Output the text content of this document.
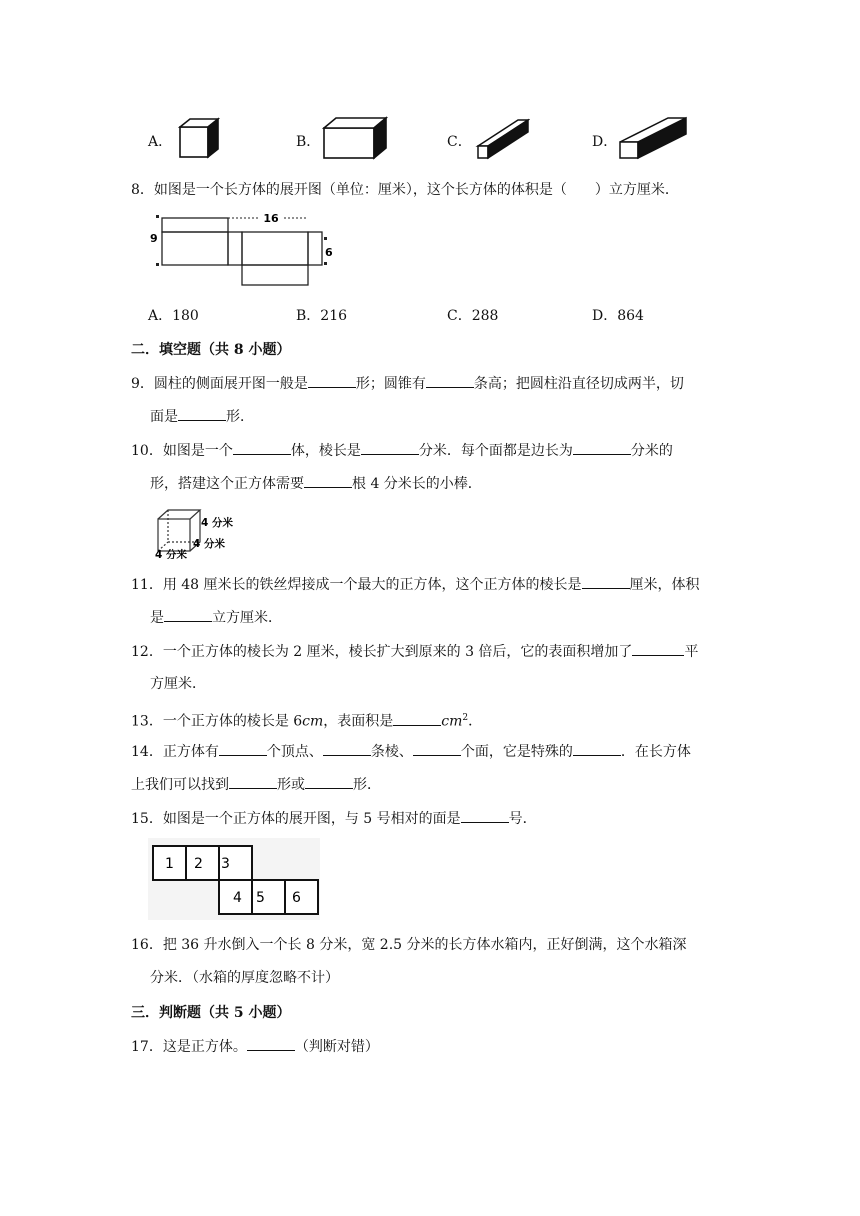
A．	B．	C．	D．
8．如图是一个长方体的展开图（单位：厘米），这个长方体的体积是（　　）立方厘米．
16
9
6
A．180	B．216	C．288	D．864
二．填空题（共 8 小题）
9．圆柱的侧面展开图一般是	形；圆锥有	条高；把圆柱沿直径切成两半，切
面是	形．
10．如图是一个	体，棱长是	分米．每个面都是边长为	分米的
形，搭建这个正方体需要	根 4 分米长的小棒．
4 分米
4 分米
4 分米
11．用 48 厘米长的铁丝焊接成一个最大的正方体，这个正方体的棱长是	厘米，体积
是	立方厘米．
12．一个正方体的棱长为 2 厘米，棱长扩大到原来的 3 倍后，它的表面积增加了	平
方厘米．
13．一个正方体的棱长是 6cm，表面积是	$cm^2$．
14．正方体有	个顶点、	条棱、	个面，它是特殊的	．在长方体
上我们可以找到	形或	形．
15．如图是一个正方体的展开图，与 5 号相对的面是	号．
1 2 3
4 5 6
16．把 36 升水倒入一个长 8 分米，宽 2.5 分米的长方体水箱内，正好倒满，这个水箱深
分米．（水箱的厚度忽略不计）
三．判断题（共 5 小题）
17．这是正方体。	（判断对错）
